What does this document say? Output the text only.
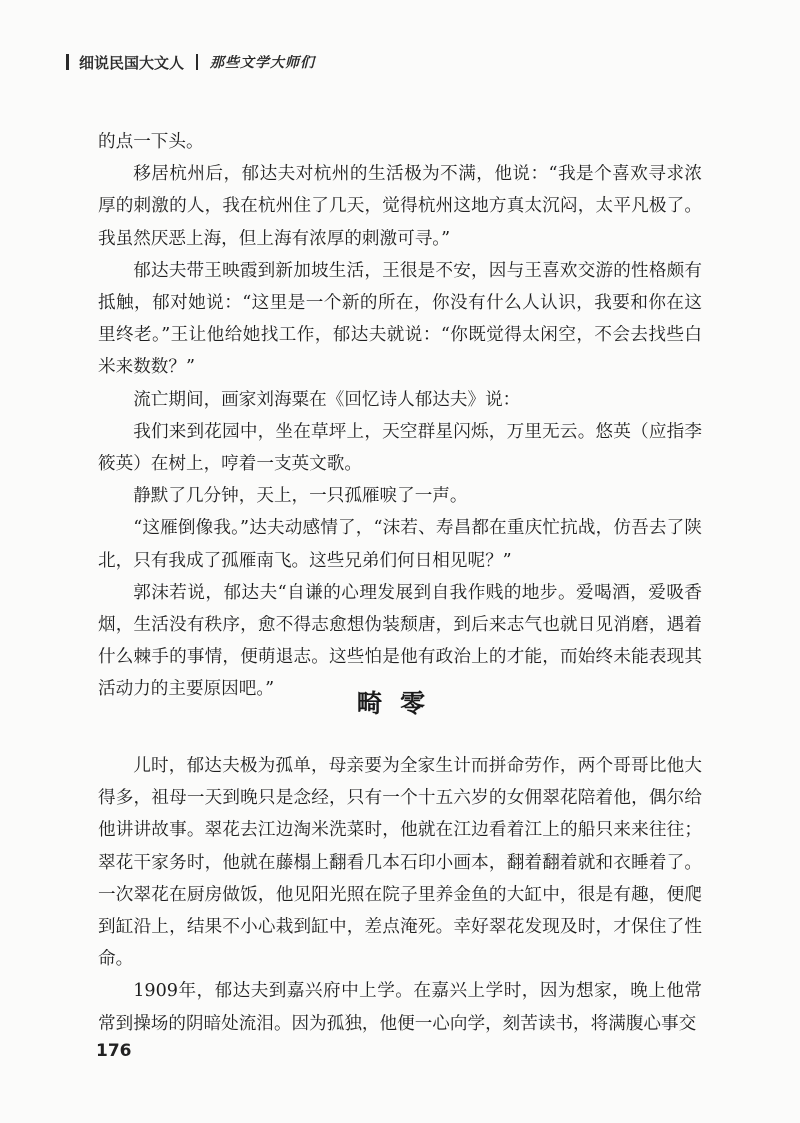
细说民国大文人 那些文学大师们

的点一下头。

移居杭州后，郁达夫对杭州的生活极为不满，他说：“我是个喜欢寻求浓厚的刺激的人，我在杭州住了几天，觉得杭州这地方真太沉闷，太平凡极了。我虽然厌恶上海，但上海有浓厚的刺激可寻。”

郁达夫带王映霞到新加坡生活，王很是不安，因与王喜欢交游的性格颇有抵触，郁对她说：“这里是一个新的所在，你没有什么人认识，我要和你在这里终老。”王让他给她找工作，郁达夫就说：“你既觉得太闲空，不会去找些白米来数数？”

流亡期间，画家刘海粟在《回忆诗人郁达夫》说：

我们来到花园中，坐在草坪上，天空群星闪烁，万里无云。悠英（应指李筱英）在树上，哼着一支英文歌。

静默了几分钟，天上，一只孤雁唳了一声。

“这雁倒像我。”达夫动感情了，“沫若、寿昌都在重庆忙抗战，仿吾去了陕北，只有我成了孤雁南飞。这些兄弟们何日相见呢？”

郭沫若说，郁达夫“自谦的心理发展到自我作贱的地步。爱喝酒，爱吸香烟，生活没有秩序，愈不得志愈想伪装颓唐，到后来志气也就日见消磨，遇着什么棘手的事情，便萌退志。这些怕是他有政治上的才能，而始终未能表现其活动力的主要原因吧。”	畸零

儿时，郁达夫极为孤单，母亲要为全家生计而拼命劳作，两个哥哥比他大得多，祖母一天到晚只是念经，只有一个十五六岁的女佣翠花陪着他，偶尔给他讲讲故事。翠花去江边淘米洗菜时，他就在江边看着江上的船只来来往往；翠花干家务时，他就在藤榻上翻看几本石印小画本，翻着翻着就和衣睡着了。一次翠花在厨房做饭，他见阳光照在院子里养金鱼的大缸中，很是有趣，便爬到缸沿上，结果不小心栽到缸中，差点淹死。幸好翠花发现及时，才保住了性命。

1909年，郁达夫到嘉兴府中上学。在嘉兴上学时，因为想家，晚上他常常到操场的阴暗处流泪。因为孤独，他便一心向学，刻苦读书，将满腹心事交

176
